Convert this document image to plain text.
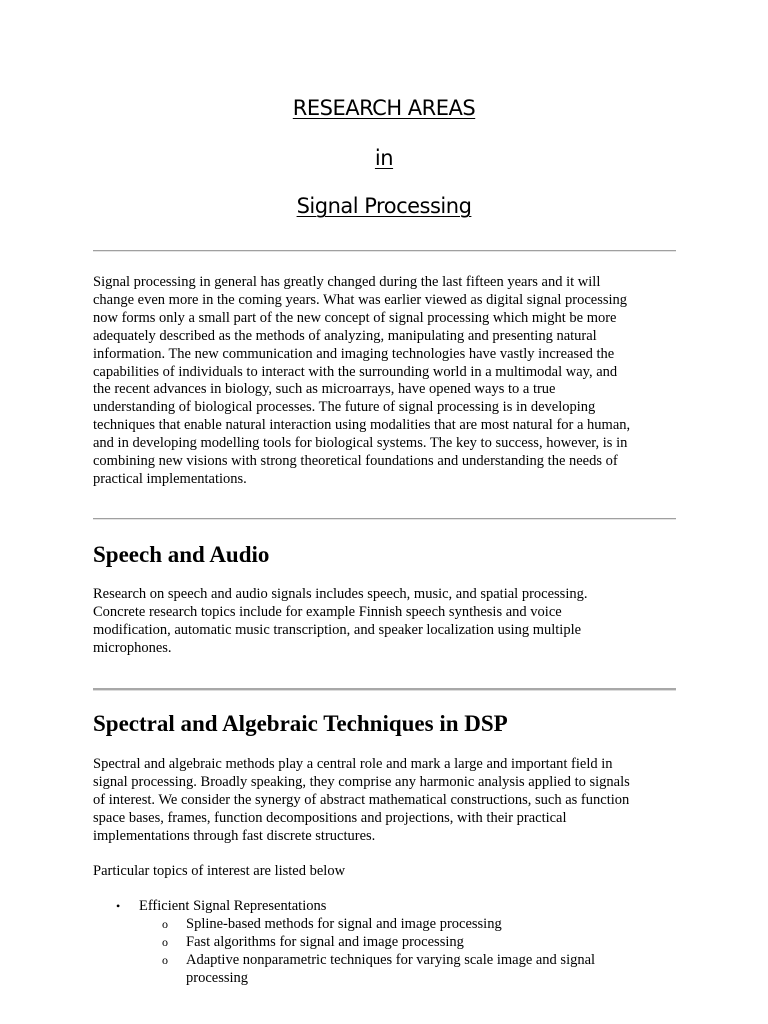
RESEARCH AREAS
in
Signal Processing

Signal processing in general has greatly changed during the last fifteen years and it will
change even more in the coming years. What was earlier viewed as digital signal processing
now forms only a small part of the new concept of signal processing which might be more
adequately described as the methods of analyzing, manipulating and presenting natural
information. The new communication and imaging technologies have vastly increased the
capabilities of individuals to interact with the surrounding world in a multimodal way, and
the recent advances in biology, such as microarrays, have opened ways to a true
understanding of biological processes. The future of signal processing is in developing
techniques that enable natural interaction using modalities that are most natural for a human,
and in developing modelling tools for biological systems. The key to success, however, is in
combining new visions with strong theoretical foundations and understanding the needs of
practical implementations.

Speech and Audio

Research on speech and audio signals includes speech, music, and spatial processing.
Concrete research topics include for example Finnish speech synthesis and voice
modification, automatic music transcription, and speaker localization using multiple
microphones.

Spectral and Algebraic Techniques in DSP

Spectral and algebraic methods play a central role and mark a large and important field in
signal processing. Broadly speaking, they comprise any harmonic analysis applied to signals
of interest. We consider the synergy of abstract mathematical constructions, such as function
space bases, frames, function decompositions and projections, with their practical
implementations through fast discrete structures.

Particular topics of interest are listed below

• Efficient Signal Representations
o Spline-based methods for signal and image processing
o Fast algorithms for signal and image processing
o Adaptive nonparametric techniques for varying scale image and signal
processing
